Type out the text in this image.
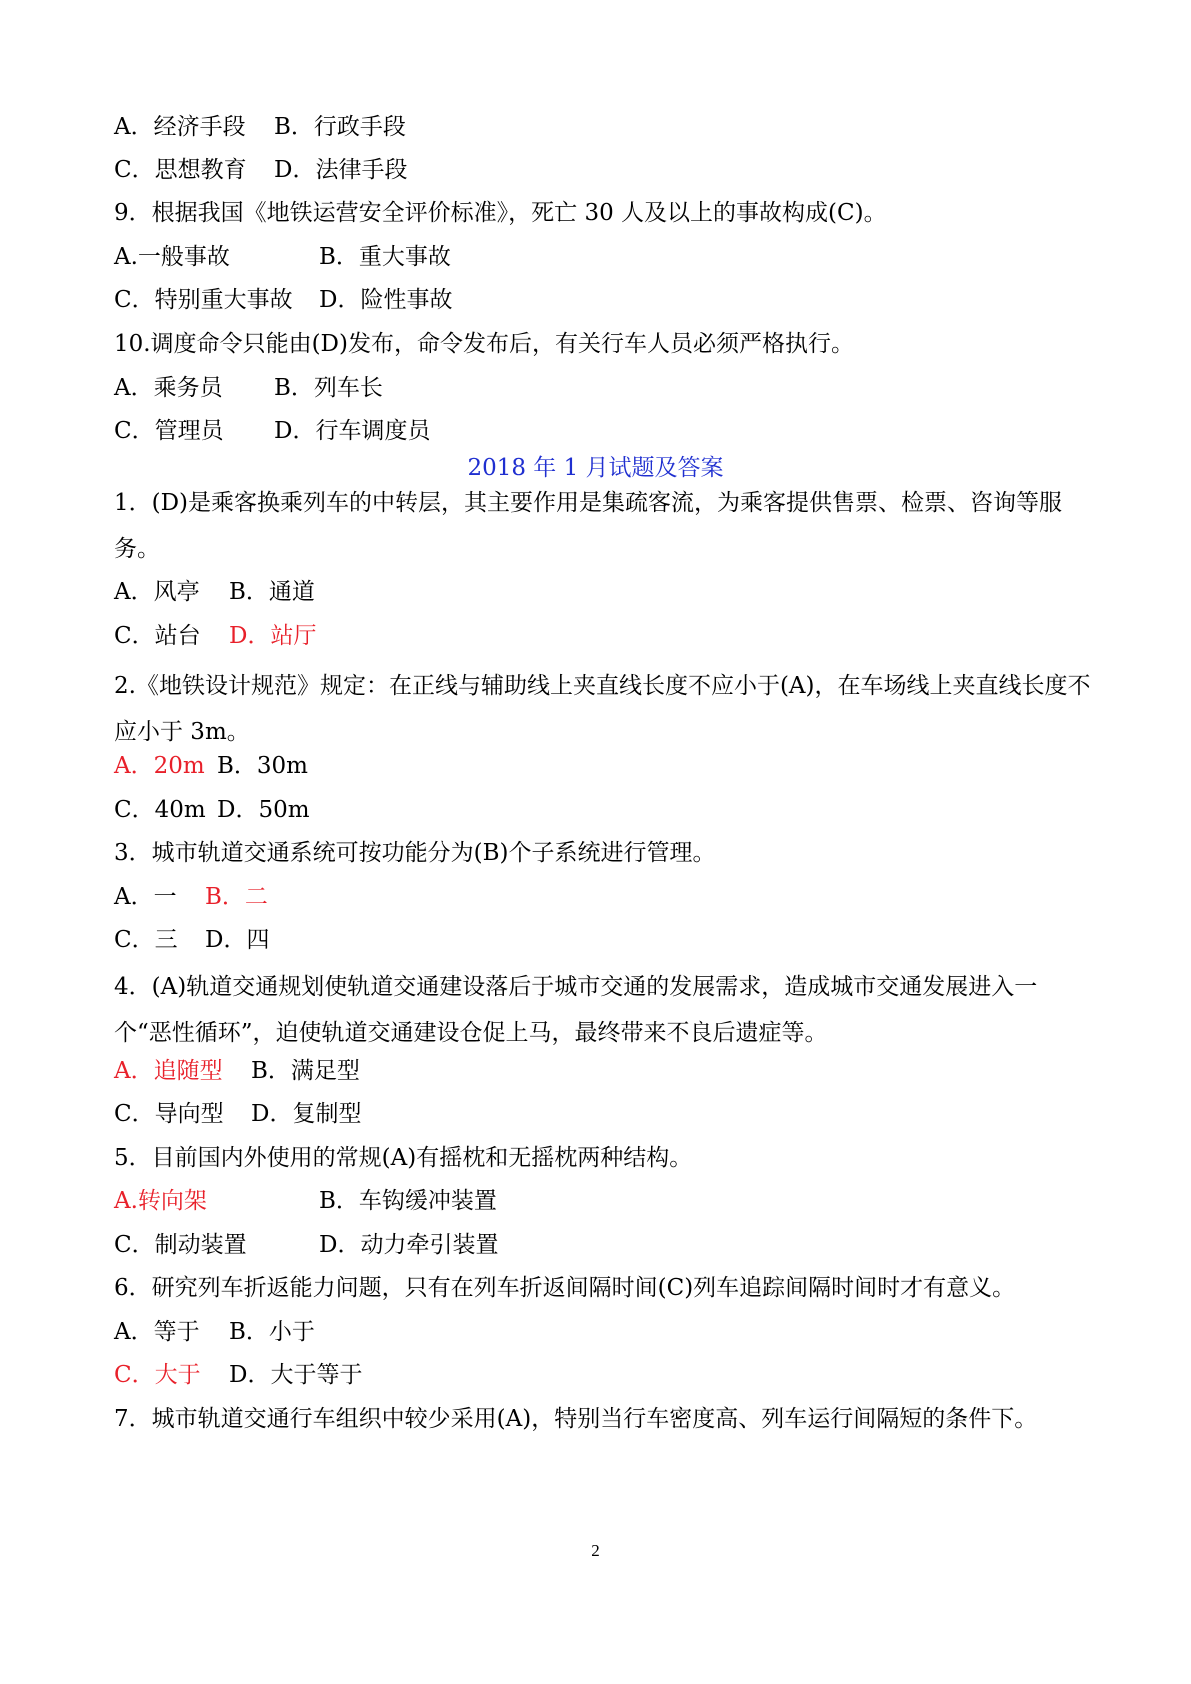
A．经济手段 B．行政手段
C．思想教育 D．法律手段
9．根据我国《地铁运营安全评价标准》，死亡 30 人及以上的事故构成(C)。
A.一般事故	B．重大事故
C．特别重大事故 D．险性事故
10.调度命令只能由(D)发布，命令发布后，有关行车人员必须严格执行。
A．乘务员 B．列车长
C．管理员 D．行车调度员
2018 年 1 月试题及答案
1．(D)是乘客换乘列车的中转层，其主要作用是集疏客流，为乘客提供售票、检票、咨询等服务。
A．风亭 B．通道
C．站台 D．站厅
2.《地铁设计规范》规定：在正线与辅助线上夹直线长度不应小于(A)，在车场线上夹直线长度不应小于 3m。
A．20m B．30m
C．40m D．50m
3．城市轨道交通系统可按功能分为(B)个子系统进行管理。
A．一 B．二
C．三 D．四
4．(A)轨道交通规划使轨道交通建设落后于城市交通的发展需求，造成城市交通发展进入一个“恶性循环”，迫使轨道交通建设仓促上马，最终带来不良后遗症等。
A．追随型 B．满足型
C．导向型 D．复制型
5．目前国内外使用的常规(A)有摇枕和无摇枕两种结构。
A.转向架	B．车钩缓冲装置
C．制动装置	D．动力牵引装置
6．研究列车折返能力问题，只有在列车折返间隔时间(C)列车追踪间隔时间时才有意义。
A．等于 B．小于
C．大于 D．大于等于
7．城市轨道交通行车组织中较少采用(A)，特别当行车密度高、列车运行间隔短的条件下。
2
